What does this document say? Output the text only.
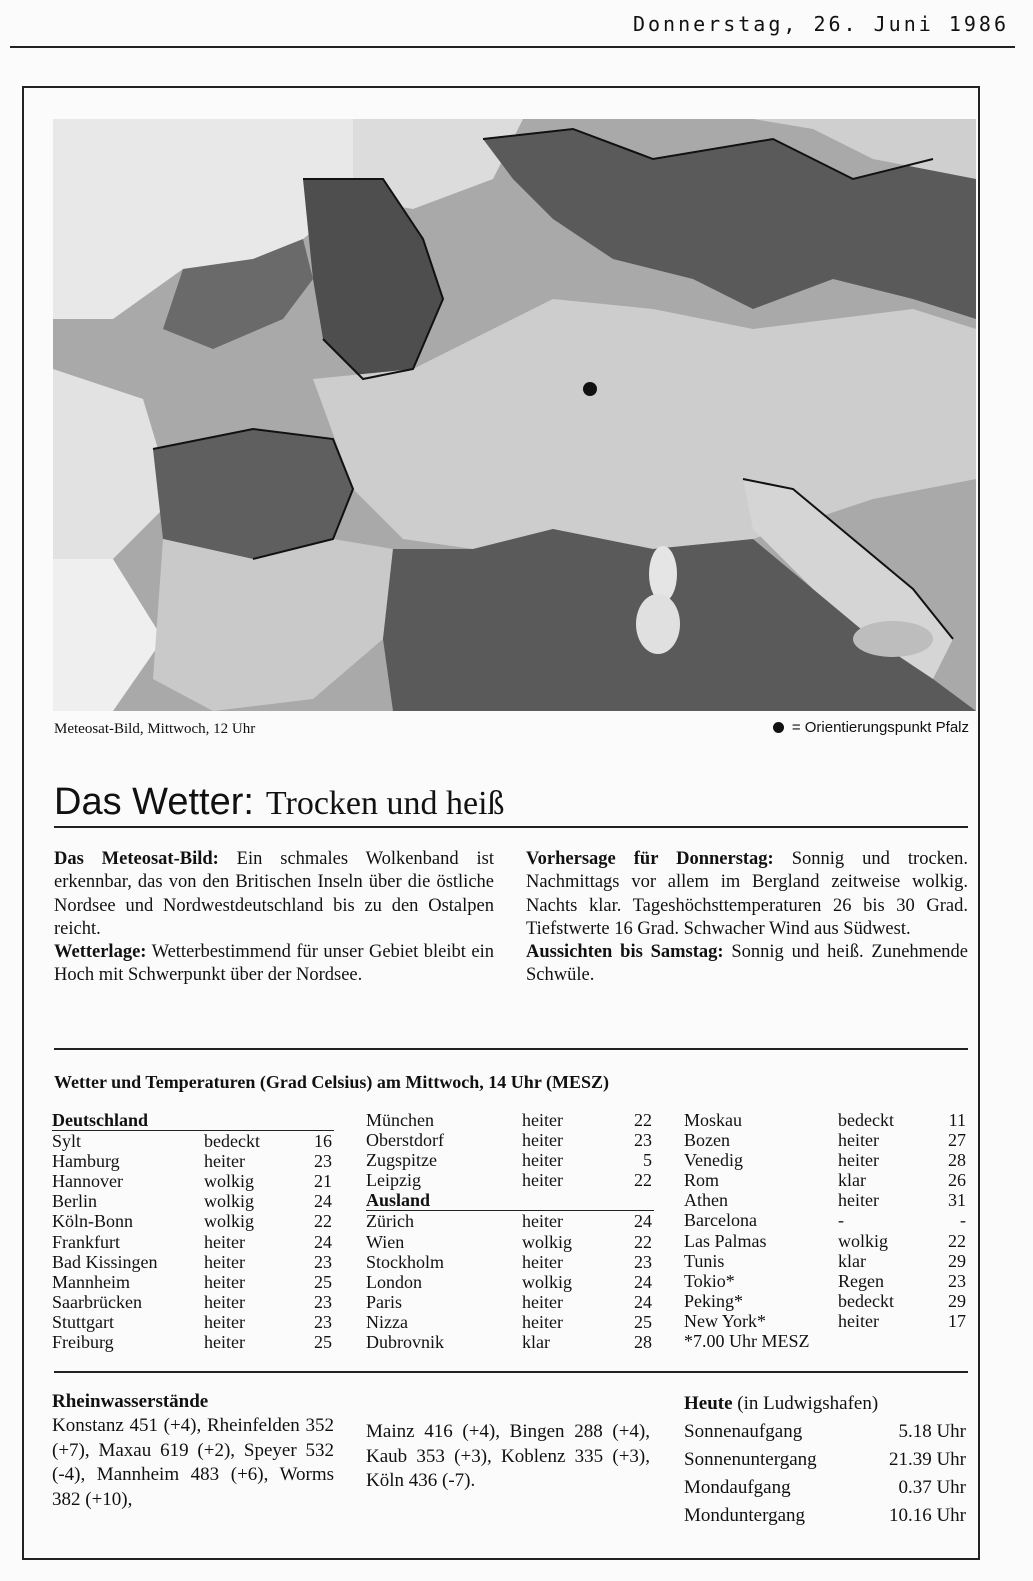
Donnerstag, 26. Juni 1986
Meteosat-Bild, Mittwoch, 12 Uhr	= Orientierungspunkt Pfalz
Das Wetter: Trocken und heiß
Das Meteosat-Bild: Ein schmales Wolkenband ist erkennbar, das von den Britischen Inseln über die östliche Nordsee und Nordwestdeutschland bis zu den Ostalpen reicht.
Wetterlage: Wetterbestimmend für unser Gebiet bleibt ein Hoch mit Schwerpunkt über der Nordsee.
Vorhersage für Donnerstag: Sonnig und trocken. Nachmittags vor allem im Bergland zeitweise wolkig. Nachts klar. Tageshöchsttemperaturen 26 bis 30 Grad. Tiefstwerte 16 Grad. Schwacher Wind aus Südwest.
Aussichten bis Samstag: Sonnig und heiß. Zunehmende Schwüle.
Wetter und Temperaturen (Grad Celsius) am Mittwoch, 14 Uhr (MESZ)
Deutschland
Sylt	bedeckt	16
Hamburg	heiter	23
Hannover	wolkig	21
Berlin	wolkig	24
Köln-Bonn	wolkig	22
Frankfurt	heiter	24
Bad Kissingen	heiter	23
Mannheim	heiter	25
Saarbrücken	heiter	23
Stuttgart	heiter	23
Freiburg	heiter	25
München	heiter	22
Oberstdorf	heiter	23
Zugspitze	heiter	5
Leipzig	heiter	22
Ausland
Zürich	heiter	24
Wien	wolkig	22
Stockholm	heiter	23
London	wolkig	24
Paris	heiter	24
Nizza	heiter	25
Dubrovnik	klar	28
Moskau	bedeckt	11
Bozen	heiter	27
Venedig	heiter	28
Rom	klar	26
Athen	heiter	31
Barcelona	-	-
Las Palmas	wolkig	22
Tunis	klar	29
Tokio*	Regen	23
Peking*	bedeckt	29
New York*	heiter	17
*7.00 Uhr MESZ
Rheinwasserstände
Konstanz 451 (+4), Rheinfelden 352 (+7), Maxau 619 (+2), Speyer 532 (-4), Mannheim 483 (+6), Worms 382 (+10),
Mainz 416 (+4), Bingen 288 (+4), Kaub 353 (+3), Koblenz 335 (+3), Köln 436 (-7).
Heute (in Ludwigshafen)
Sonnenaufgang	5.18 Uhr
Sonnenuntergang	21.39 Uhr
Mondaufgang	0.37 Uhr
Monduntergang	10.16 Uhr
